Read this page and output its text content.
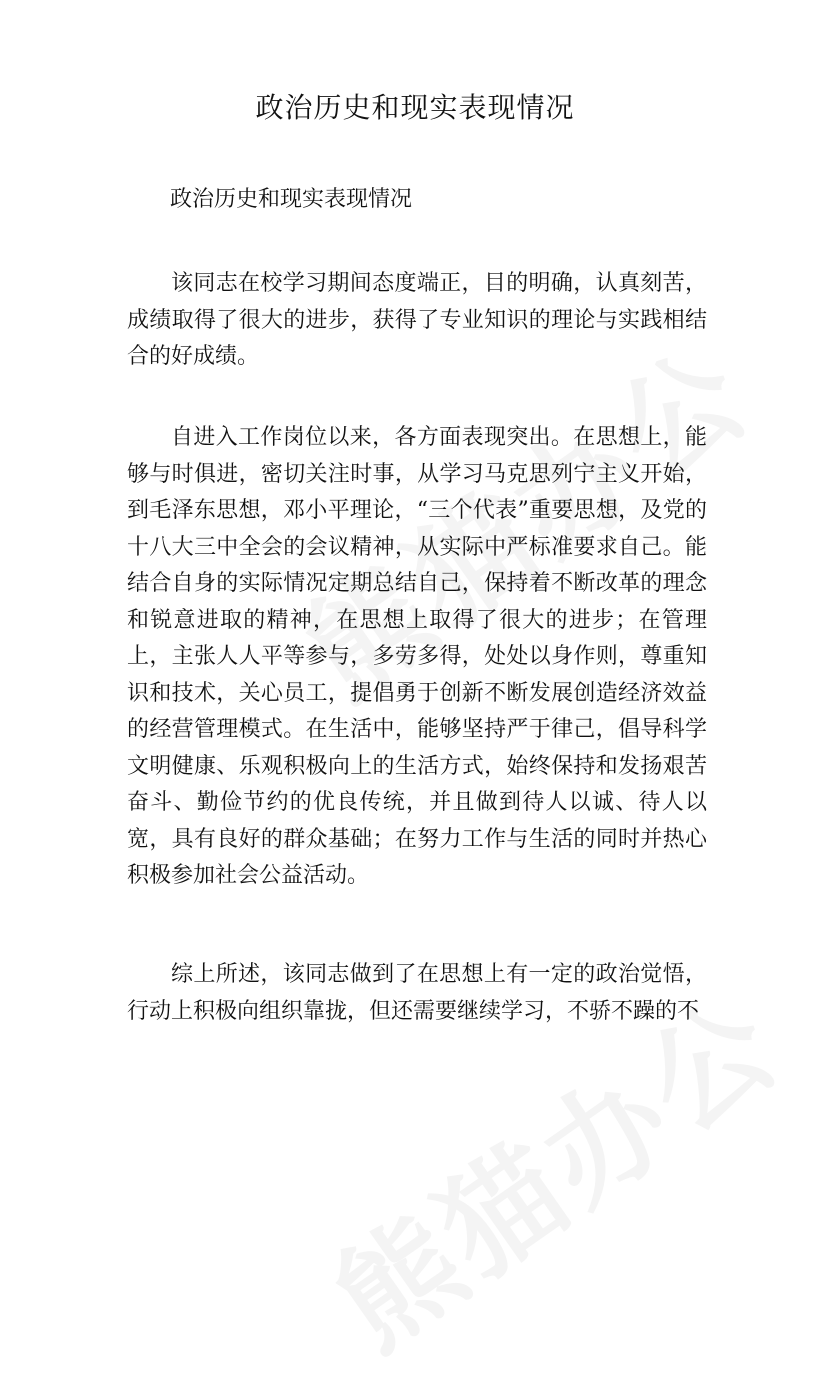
政治历史和现实表现情况
政治历史和现实表现情况

该同志在校学习期间态度端正，目的明确，认真刻苦，成绩取得了很大的进步，获得了专业知识的理论与实践相结合的好成绩。

自进入工作岗位以来，各方面表现突出。在思想上，能够与时俱进，密切关注时事，从学习马克思列宁主义开始，到毛泽东思想，邓小平理论，“三个代表”重要思想，及党的十八大三中全会的会议精神，从实际中严标准要求自己。能结合自身的实际情况定期总结自己，保持着不断改革的理念和锐意进取的精神，在思想上取得了很大的进步；在管理上，主张人人平等参与，多劳多得，处处以身作则，尊重知识和技术，关心员工，提倡勇于创新不断发展创造经济效益的经营管理模式。在生活中，能够坚持严于律己，倡导科学文明健康、乐观积极向上的生活方式，始终保持和发扬艰苦奋斗、勤俭节约的优良传统，并且做到待人以诚、待人以宽，具有良好的群众基础；在努力工作与生活的同时并热心积极参加社会公益活动。

综上所述，该同志做到了在思想上有一定的政治觉悟，行动上积极向组织靠拢，但还需要继续学习，不骄不躁的不
